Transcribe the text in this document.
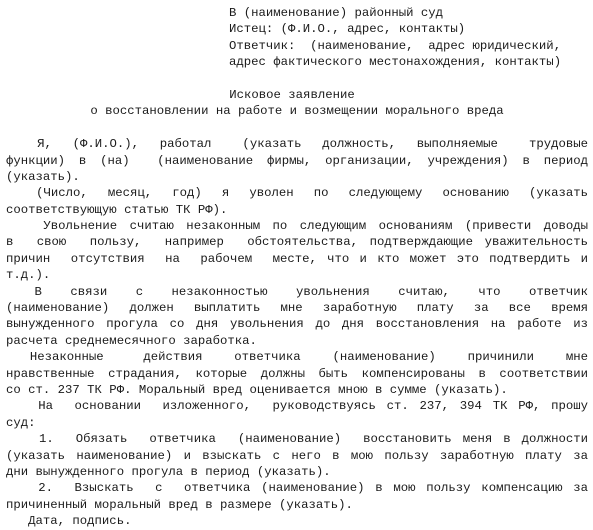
В (наименование) районный суд
Истец: (Ф.И.О., адрес, контакты)
Ответчик:  (наименование,  адрес юридический,
адрес фактического местонахождения, контакты)
Исковое заявление
о восстановлении на работе и возмещении морального вреда
Я,  (Ф.И.О.),  работал   (указать  должность,  выполняемые   трудовые
функции) в (на)  (наименование фирмы, организации, учреждения) в период
(указать).
(Число,  месяц,  год)  я  уволен  по  следующему  основанию  (указать
соответствующую статью ТК РФ).
Увольнение считаю незаконным по следующим основаниям (привести доводы
в  свою  пользу,  например  обстоятельства, подтверждающие уважительность
причин  отсутствия  на  рабочем  месте, что и кто может это подтвердить и
т.д.).
В   связи   с   незаконностью   увольнения   считаю,   что   ответчик
(наименование)  должен  выплатить  мне  заработную  плату  за  все  время
вынужденного прогула со дня увольнения до дня восстановления на работе из
расчета среднемесячного заработка.
Незаконные     действия    ответчика    (наименование)    причинили    мне
нравственные страдания, которые должны быть компенсированы в соответствии
со ст. 237 ТК РФ. Моральный вред оценивается мною в сумме (указать).
На  основании  изложенного,  руководствуясь ст. 237, 394 ТК РФ, прошу
суд:
1.  Обязать  ответчика  (наименование)  восстановить меня в должности
(указать наименование) и взыскать с него в мою пользу заработную плату за
дни вынужденного прогула в период (указать).
2.  Взыскать  с  ответчика (наименование) в мою пользу компенсацию за
причиненный моральный вред в размере (указать).
Дата, подпись.
